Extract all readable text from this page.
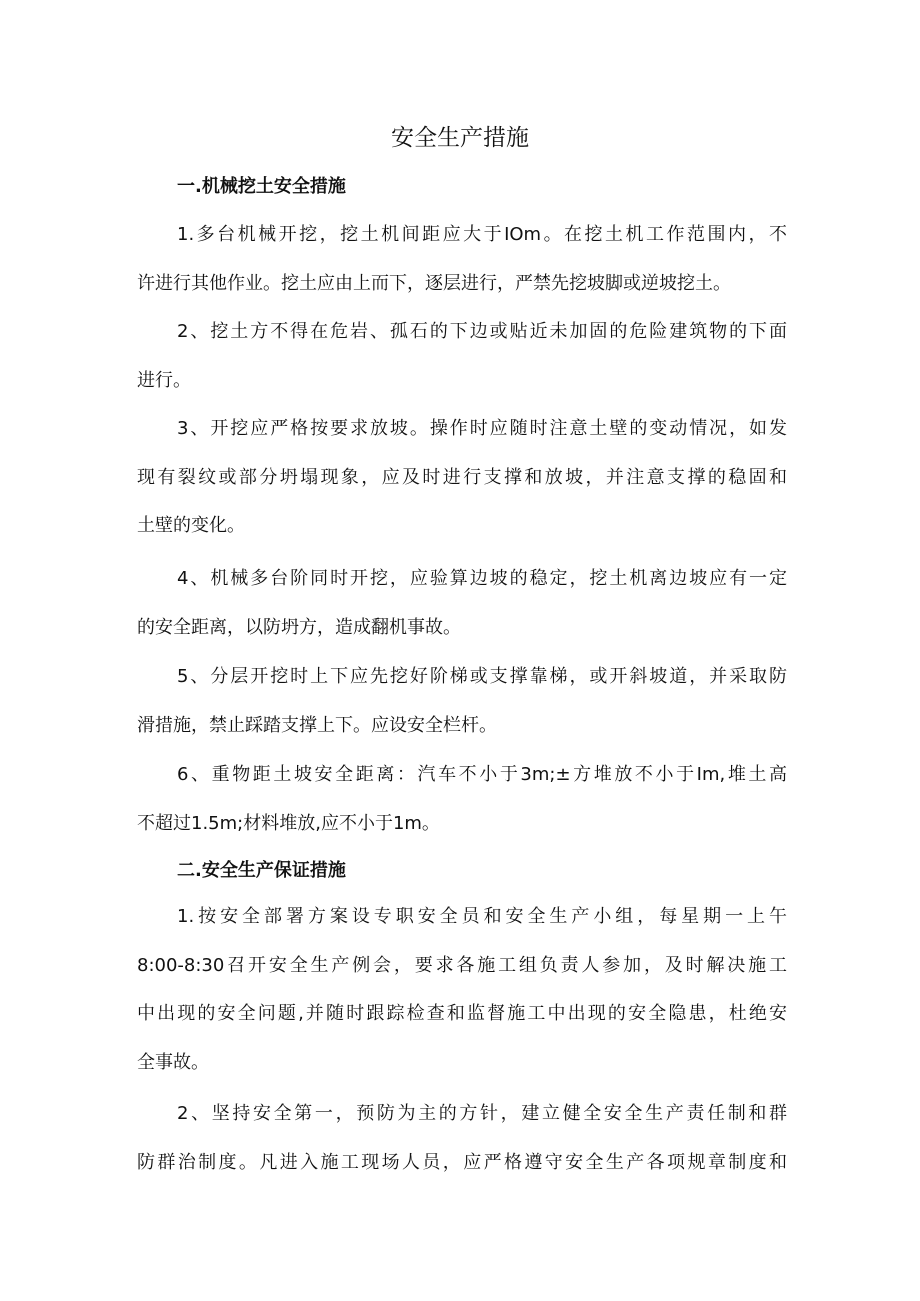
安全生产措施
一.机械挖土安全措施

1.多台机械开挖，挖土机间距应大于IOm。在挖土机工作范围内，不
许进行其他作业。挖土应由上而下，逐层进行，严禁先挖坡脚或逆坡挖土。

2、挖土方不得在危岩、孤石的下边或贴近未加固的危险建筑物的下面
进行。

3、开挖应严格按要求放坡。操作时应随时注意土壁的变动情况，如发
现有裂纹或部分坍塌现象，应及时进行支撑和放坡，并注意支撑的稳固和
土壁的变化。

4、机械多台阶同时开挖，应验算边坡的稳定，挖土机离边坡应有一定
的安全距离，以防坍方，造成翻机事故。

5、分层开挖时上下应先挖好阶梯或支撑靠梯，或开斜坡道，并采取防
滑措施，禁止踩踏支撑上下。应设安全栏杆。

6、重物距土坡安全距离：汽车不小于3m;±方堆放不小于Im,堆土高
不超过1.5m;材料堆放,应不小于1m。

二.安全生产保证措施

1.按安全部署方案设专职安全员和安全生产小组，每星期一上午
8:00-8:30召开安全生产例会，要求各施工组负责人参加，及时解决施工
中出现的安全问题,并随时跟踪检查和监督施工中出现的安全隐患，杜绝安
全事故。

2、坚持安全第一，预防为主的方针，建立健全安全生产责任制和群
防群治制度。凡进入施工现场人员，应严格遵守安全生产各项规章制度和
